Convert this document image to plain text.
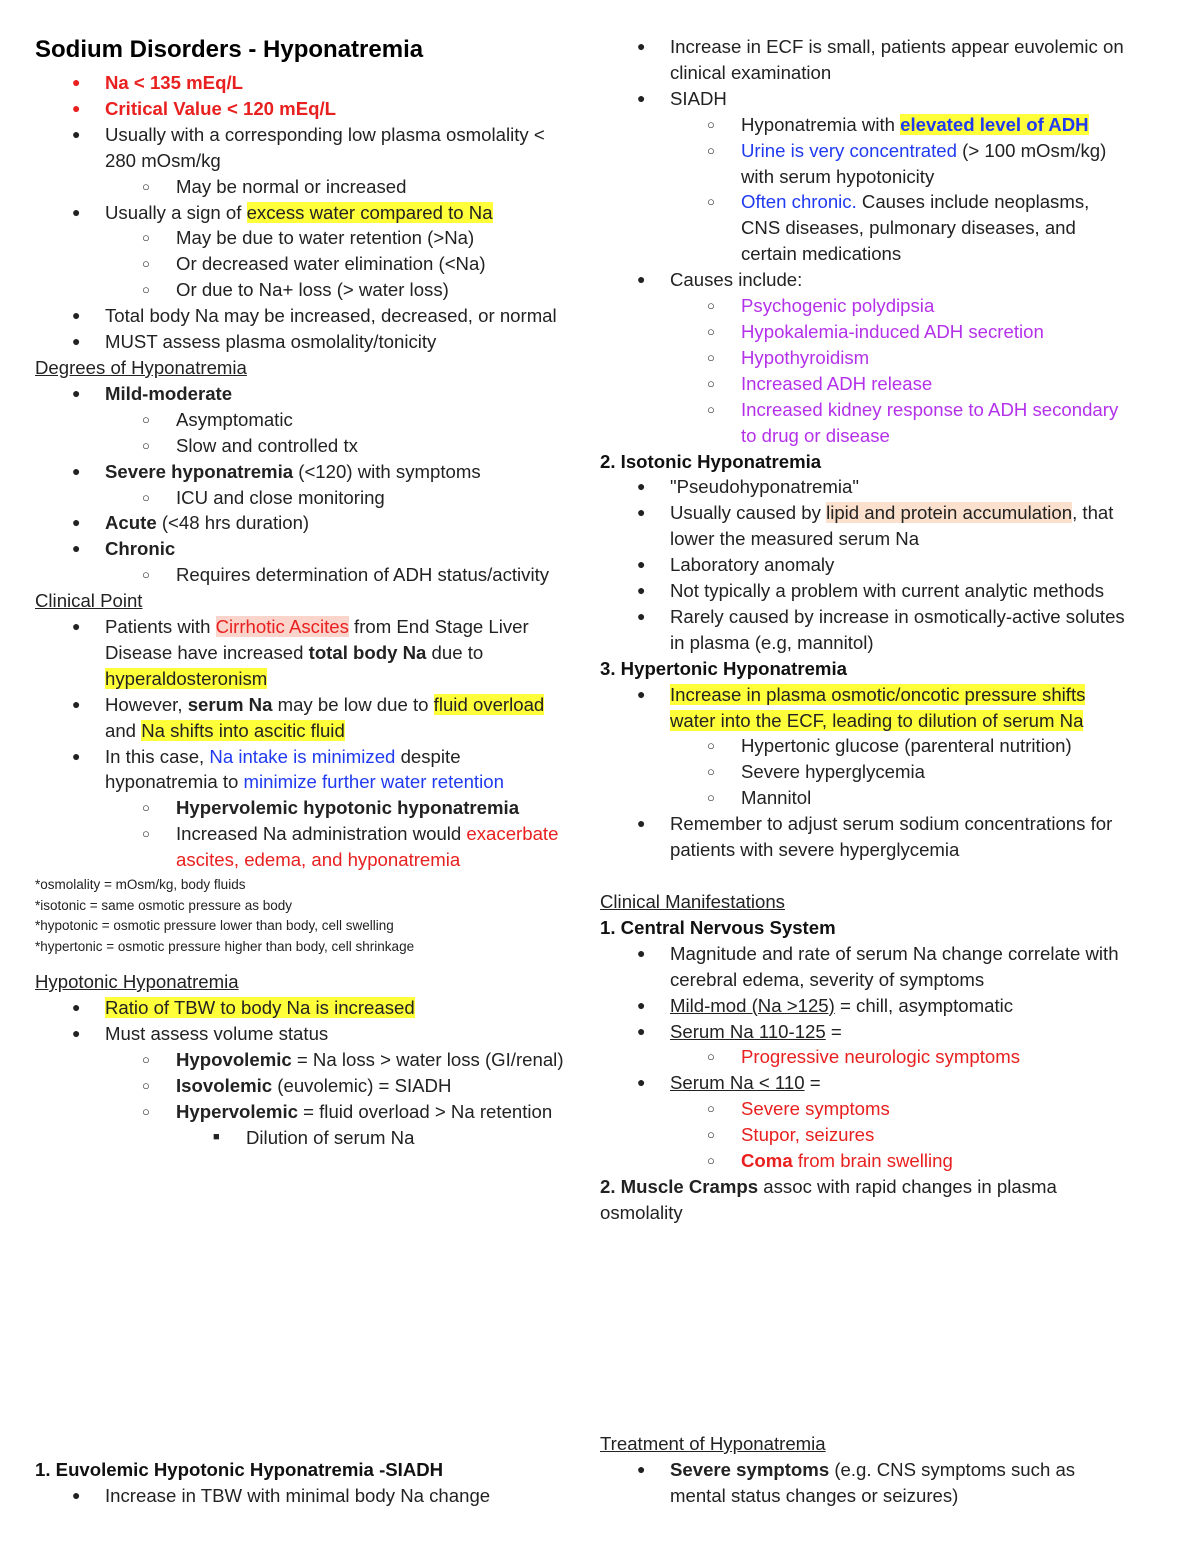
Sodium Disorders - Hyponatremia
● Na < 135 mEq/L
● Critical Value < 120 mEq/L
● Usually with a corresponding low plasma osmolality <
280 mOsm/kg
○ May be normal or increased
● Usually a sign of excess water compared to Na
○ May be due to water retention (>Na)
○ Or decreased water elimination (<Na)
○ Or due to Na+ loss (> water loss)
● Total body Na may be increased, decreased, or normal
● MUST assess plasma osmolality/tonicity
Degrees of Hyponatremia
● Mild-moderate
○ Asymptomatic
○ Slow and controlled tx
● Severe hyponatremia (<120) with symptoms
○ ICU and close monitoring
● Acute (<48 hrs duration)
● Chronic
○ Requires determination of ADH status/activity
Clinical Point
● Patients with Cirrhotic Ascites from End Stage Liver
Disease have increased total body Na due to
hyperaldosteronism
● However, serum Na may be low due to fluid overload
and Na shifts into ascitic fluid
● In this case, Na intake is minimized despite
hyponatremia to minimize further water retention
○ Hypervolemic hypotonic hyponatremia
○ Increased Na administration would exacerbate
ascites, edema, and hyponatremia
*osmolality = mOsm/kg, body fluids
*isotonic = same osmotic pressure as body
*hypotonic = osmotic pressure lower than body, cell swelling
*hypertonic = osmotic pressure higher than body, cell shrinkage
Hypotonic Hyponatremia
● Ratio of TBW to body Na is increased
● Must assess volume status
○ Hypovolemic = Na loss > water loss (GI/renal)
○ Isovolemic (euvolemic) = SIADH
○ Hypervolemic = fluid overload > Na retention
■ Dilution of serum Na
1. Euvolemic Hypotonic Hyponatremia -SIADH
● Increase in TBW with minimal body Na change
● Increase in ECF is small, patients appear euvolemic on
clinical examination
● SIADH
○ Hyponatremia with elevated level of ADH
○ Urine is very concentrated (> 100 mOsm/kg)
with serum hypotonicity
○ Often chronic. Causes include neoplasms,
CNS diseases, pulmonary diseases, and
certain medications
● Causes include:
○ Psychogenic polydipsia
○ Hypokalemia-induced ADH secretion
○ Hypothyroidism
○ Increased ADH release
○ Increased kidney response to ADH secondary
to drug or disease
2. Isotonic Hyponatremia
● "Pseudohyponatremia"
● Usually caused by lipid and protein accumulation, that
lower the measured serum Na
● Laboratory anomaly
● Not typically a problem with current analytic methods
● Rarely caused by increase in osmotically-active solutes
in plasma (e.g, mannitol)
3. Hypertonic Hyponatremia
● Increase in plasma osmotic/oncotic pressure shifts
water into the ECF, leading to dilution of serum Na
○ Hypertonic glucose (parenteral nutrition)
○ Severe hyperglycemia
○ Mannitol
● Remember to adjust serum sodium concentrations for
patients with severe hyperglycemia
Clinical Manifestations
1. Central Nervous System
● Magnitude and rate of serum Na change correlate with
cerebral edema, severity of symptoms
● Mild-mod (Na >125) = chill, asymptomatic
● Serum Na 110-125 =
○ Progressive neurologic symptoms
● Serum Na < 110 =
○ Severe symptoms
○ Stupor, seizures
○ Coma from brain swelling
2. Muscle Cramps assoc with rapid changes in plasma
osmolality
Treatment of Hyponatremia
● Severe symptoms (e.g. CNS symptoms such as
mental status changes or seizures)
